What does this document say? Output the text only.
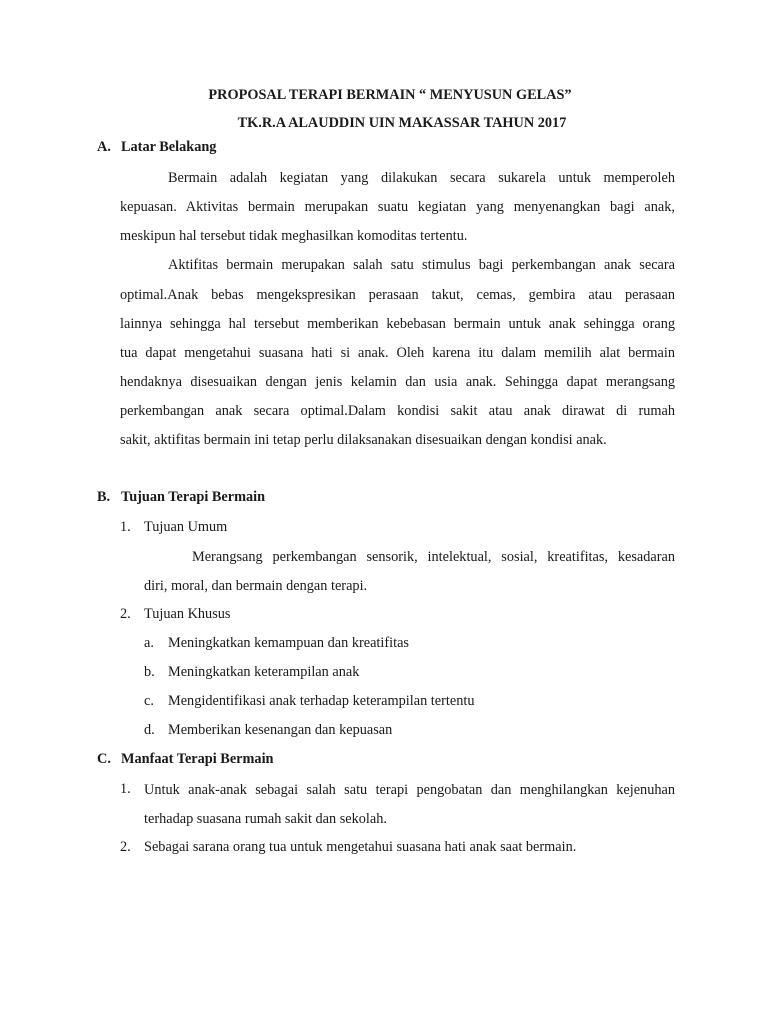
PROPOSAL TERAPI BERMAIN “ MENYUSUN GELAS”
TK.R.A ALAUDDIN UIN MAKASSAR TAHUN 2017
A. Latar Belakang
Bermain adalah kegiatan yang dilakukan secara sukarela untuk memperoleh
kepuasan. Aktivitas bermain merupakan suatu kegiatan yang menyenangkan bagi anak,
meskipun hal tersebut tidak meghasilkan komoditas tertentu.
Aktifitas bermain merupakan salah satu stimulus bagi perkembangan anak secara
optimal.Anak bebas mengekspresikan perasaan takut, cemas, gembira atau perasaan
lainnya sehingga hal tersebut memberikan kebebasan bermain untuk anak sehingga orang
tua dapat mengetahui suasana hati si anak. Oleh karena itu dalam memilih alat bermain
hendaknya disesuaikan dengan jenis kelamin dan usia anak. Sehingga dapat merangsang
perkembangan anak secara optimal.Dalam kondisi sakit atau anak dirawat di rumah
sakit, aktifitas bermain ini tetap perlu dilaksanakan disesuaikan dengan kondisi anak.
B. Tujuan Terapi Bermain
1. Tujuan Umum
Merangsang perkembangan sensorik, intelektual, sosial, kreatifitas, kesadaran
diri, moral, dan bermain dengan terapi.
2. Tujuan Khusus
a. Meningkatkan kemampuan dan kreatifitas
b. Meningkatkan keterampilan anak
c. Mengidentifikasi anak terhadap keterampilan tertentu
d. Memberikan kesenangan dan kepuasan
C. Manfaat Terapi Bermain
1. Untuk anak-anak sebagai salah satu terapi pengobatan dan menghilangkan kejenuhan
terhadap suasana rumah sakit dan sekolah.
2. Sebagai sarana orang tua untuk mengetahui suasana hati anak saat bermain.
